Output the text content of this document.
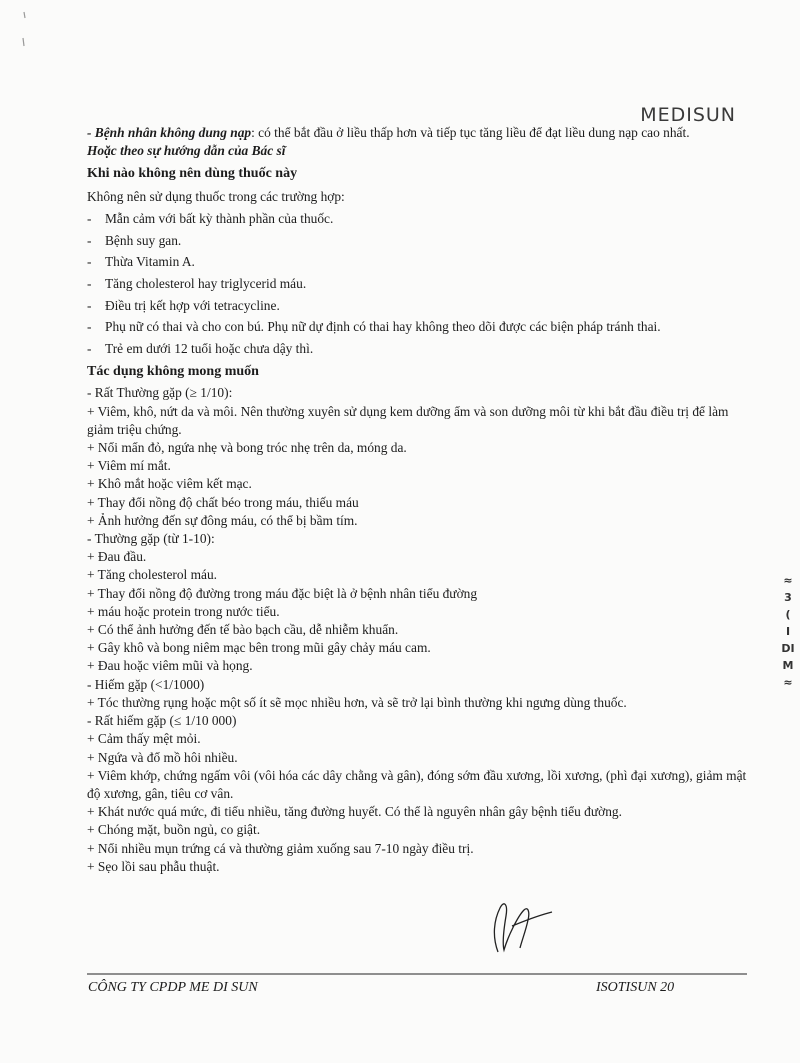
MEDISUN

- Bệnh nhân không dung nạp: có thể bắt đầu ở liều thấp hơn và tiếp tục tăng liều để đạt liều dung nạp cao nhất.

Hoặc theo sự hướng dẫn của Bác sĩ

Khi nào không nên dùng thuốc này

Không nên sử dụng thuốc trong các trường hợp:

- Mẫn cảm với bất kỳ thành phần của thuốc.
- Bệnh suy gan.
- Thừa Vitamin A.
- Tăng cholesterol hay triglycerid máu.
- Điều trị kết hợp với tetracycline.
- Phụ nữ có thai và cho con bú. Phụ nữ dự định có thai hay không theo dõi được các biện pháp tránh thai.
- Trẻ em dưới 12 tuổi hoặc chưa dậy thì.
Tác dụng không mong muốn

- Rất Thường gặp (≥ 1/10):

+ Viêm, khô, nứt da và môi. Nên thường xuyên sử dụng kem dưỡng ẩm và son dưỡng môi từ khi bắt đầu điều trị để làm giảm triệu chứng.

+ Nổi mẩn đỏ, ngứa nhẹ và bong tróc nhẹ trên da, móng da.

+ Viêm mí mắt.

+ Khô mắt hoặc viêm kết mạc.

+ Thay đổi nồng độ chất béo trong máu, thiếu máu

+ Ảnh hưởng đến sự đông máu, có thể bị bầm tím.

- Thường gặp (từ 1-10):

+ Đau đầu.

+ Tăng cholesterol máu.

+ Thay đổi nồng độ đường trong máu đặc biệt là ở bệnh nhân tiểu đường

+ máu hoặc protein trong nước tiểu.

+ Có thể ảnh hưởng đến tế bào bạch cầu, dễ nhiễm khuẩn.

+ Gây khô và bong niêm mạc bên trong mũi gây chảy máu cam.

+ Đau hoặc viêm mũi và họng.

- Hiếm gặp (<1/1000)

+ Tóc thường rụng hoặc một số ít sẽ mọc nhiều hơn, và sẽ trở lại bình thường khi ngưng dùng thuốc.

- Rất hiếm gặp (≤ 1/10 000)

+ Cảm thấy mệt mỏi.

+ Ngứa và đổ mồ hôi nhiều.

+ Viêm khớp, chứng ngấm vôi (vôi hóa các dây chằng và gân), đóng sớm đầu xương, lồi xương, (phì đại xương), giảm mật độ xương, gân, tiêu cơ vân.

+ Khát nước quá mức, đi tiểu nhiều, tăng đường huyết. Có thể là nguyên nhân gây bệnh tiểu đường.

+ Chóng mặt, buồn ngủ, co giật.

+ Nổi nhiều mụn trứng cá và thường giảm xuống sau 7-10 ngày điều trị.

+ Sẹo lồi sau phẫu thuật.

CÔNG TY CPDP ME DI SUN	ISOTISUN 20
≈
3
(
I
DI
M
≈
